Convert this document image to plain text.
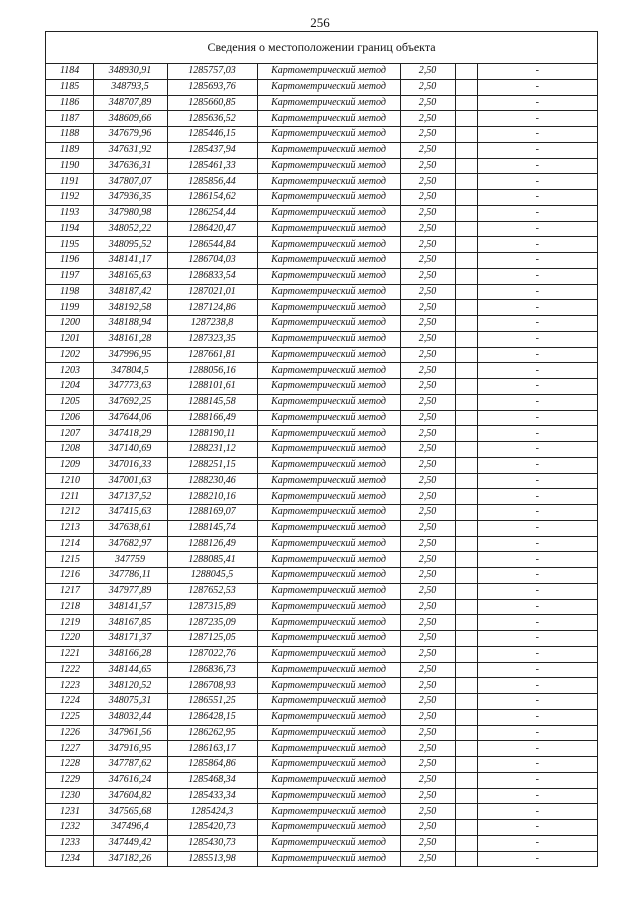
256
Сведения о местоположении границ объекта
1184	348930,91	1285757,03	Картометрический метод	2,50		-
1185	348793,5	1285693,76	Картометрический метод	2,50		-
1186	348707,89	1285660,85	Картометрический метод	2,50		-
1187	348609,66	1285636,52	Картометрический метод	2,50		-
1188	347679,96	1285446,15	Картометрический метод	2,50		-
1189	347631,92	1285437,94	Картометрический метод	2,50		-
1190	347636,31	1285461,33	Картометрический метод	2,50		-
1191	347807,07	1285856,44	Картометрический метод	2,50		-
1192	347936,35	1286154,62	Картометрический метод	2,50		-
1193	347980,98	1286254,44	Картометрический метод	2,50		-
1194	348052,22	1286420,47	Картометрический метод	2,50		-
1195	348095,52	1286544,84	Картометрический метод	2,50		-
1196	348141,17	1286704,03	Картометрический метод	2,50		-
1197	348165,63	1286833,54	Картометрический метод	2,50		-
1198	348187,42	1287021,01	Картометрический метод	2,50		-
1199	348192,58	1287124,86	Картометрический метод	2,50		-
1200	348188,94	1287238,8	Картометрический метод	2,50		-
1201	348161,28	1287323,35	Картометрический метод	2,50		-
1202	347996,95	1287661,81	Картометрический метод	2,50		-
1203	347804,5	1288056,16	Картометрический метод	2,50		-
1204	347773,63	1288101,61	Картометрический метод	2,50		-
1205	347692,25	1288145,58	Картометрический метод	2,50		-
1206	347644,06	1288166,49	Картометрический метод	2,50		-
1207	347418,29	1288190,11	Картометрический метод	2,50		-
1208	347140,69	1288231,12	Картометрический метод	2,50		-
1209	347016,33	1288251,15	Картометрический метод	2,50		-
1210	347001,63	1288230,46	Картометрический метод	2,50		-
1211	347137,52	1288210,16	Картометрический метод	2,50		-
1212	347415,63	1288169,07	Картометрический метод	2,50		-
1213	347638,61	1288145,74	Картометрический метод	2,50		-
1214	347682,97	1288126,49	Картометрический метод	2,50		-
1215	347759	1288085,41	Картометрический метод	2,50		-
1216	347786,11	1288045,5	Картометрический метод	2,50		-
1217	347977,89	1287652,53	Картометрический метод	2,50		-
1218	348141,57	1287315,89	Картометрический метод	2,50		-
1219	348167,85	1287235,09	Картометрический метод	2,50		-
1220	348171,37	1287125,05	Картометрический метод	2,50		-
1221	348166,28	1287022,76	Картометрический метод	2,50		-
1222	348144,65	1286836,73	Картометрический метод	2,50		-
1223	348120,52	1286708,93	Картометрический метод	2,50		-
1224	348075,31	1286551,25	Картометрический метод	2,50		-
1225	348032,44	1286428,15	Картометрический метод	2,50		-
1226	347961,56	1286262,95	Картометрический метод	2,50		-
1227	347916,95	1286163,17	Картометрический метод	2,50		-
1228	347787,62	1285864,86	Картометрический метод	2,50		-
1229	347616,24	1285468,34	Картометрический метод	2,50		-
1230	347604,82	1285433,34	Картометрический метод	2,50		-
1231	347565,68	1285424,3	Картометрический метод	2,50		-
1232	347496,4	1285420,73	Картометрический метод	2,50		-
1233	347449,42	1285430,73	Картометрический метод	2,50		-
1234	347182,26	1285513,98	Картометрический метод	2,50		-
